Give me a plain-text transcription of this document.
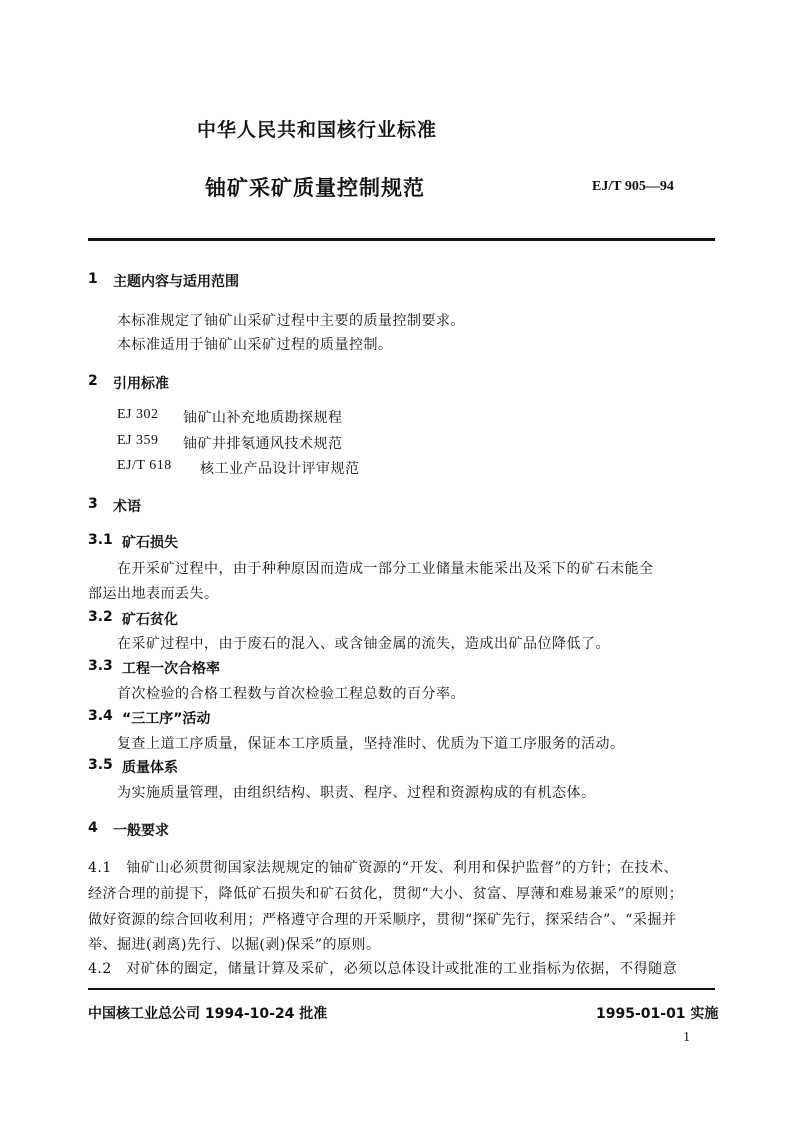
中华人民共和国核行业标准
铀矿采矿质量控制规范	EJ/T 905—94
1 主题内容与适用范围
本标准规定了铀矿山采矿过程中主要的质量控制要求。
本标准适用于铀矿山采矿过程的质量控制。
2 引用标准
EJ 302 铀矿山补充地质勘探规程
EJ 359 铀矿井排氡通风技术规范
EJ/T 618 核工业产品设计评审规范
3 术语
3.1 矿石损失
在开采矿过程中，由于种种原因而造成一部分工业储量未能采出及采下的矿石未能全
部运出地表而丢失。
3.2 矿石贫化
在采矿过程中，由于废石的混入、或含铀金属的流失，造成出矿品位降低了。
3.3 工程一次合格率
首次检验的合格工程数与首次检验工程总数的百分率。
3.4 “三工序”活动
复查上道工序质量，保证本工序质量，坚持准时、优质为下道工序服务的活动。
3.5 质量体系
为实施质量管理，由组织结构、职责、程序、过程和资源构成的有机态体。
4 一般要求
4.1　铀矿山必须贯彻国家法规规定的铀矿资源的“开发、利用和保护监督”的方针；在技术、
经济合理的前提下，降低矿石损失和矿石贫化，贯彻“大小、贫富、厚薄和难易兼采”的原则；
做好资源的综合回收利用；严格遵守合理的开采顺序，贯彻“探矿先行，探采结合”、“采掘并
举、掘进(剥离)先行、以掘(剥)保采”的原则。
4.2　对矿体的圈定，储量计算及采矿，必须以总体设计或批准的工业指标为依据，不得随意
中国核工业总公司 1994-10-24 批准	1995-01-01 实施
1
